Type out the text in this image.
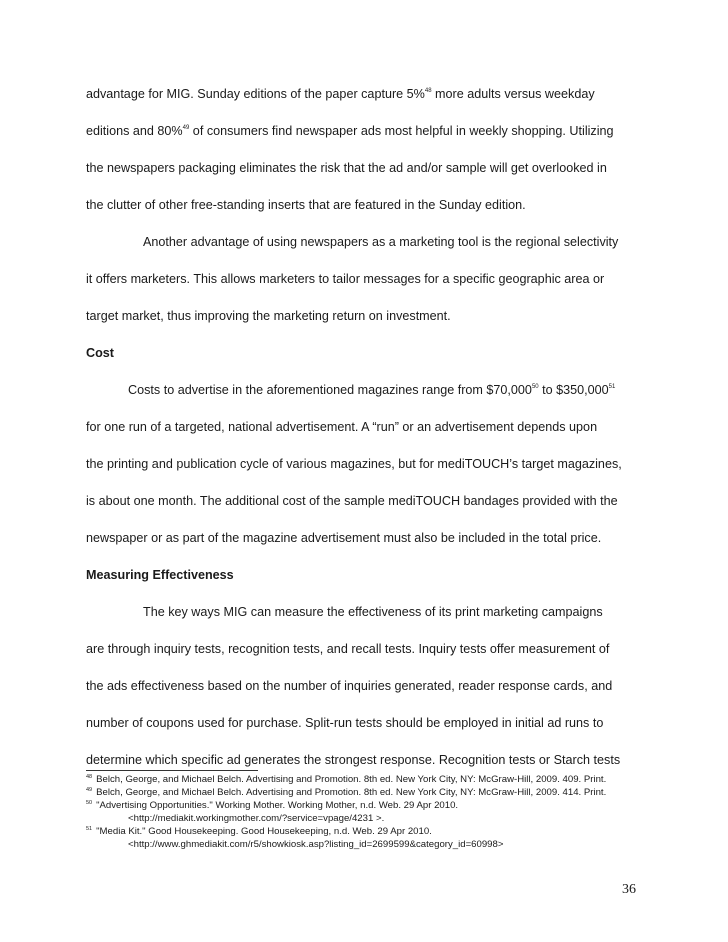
advantage for MIG. Sunday editions of the paper capture 5%$^{48}$ more adults versus weekday
editions and 80%$^{49}$ of consumers find newspaper ads most helpful in weekly shopping. Utilizing
the newspapers packaging eliminates the risk that the ad and/or sample will get overlooked in
the clutter of other free-standing inserts that are featured in the Sunday edition.
Another advantage of using newspapers as a marketing tool is the regional selectivity
it offers marketers. This allows marketers to tailor messages for a specific geographic area or
target market, thus improving the marketing return on investment.
Cost
Costs to advertise in the aforementioned magazines range from $70,000$^{50}$ to $350,000$^{51}$
for one run of a targeted, national advertisement. A “run” or an advertisement depends upon
the printing and publication cycle of various magazines, but for mediTOUCH’s target magazines,
is about one month. The additional cost of the sample mediTOUCH bandages provided with the
newspaper or as part of the magazine advertisement must also be included in the total price.
Measuring Effectiveness
The key ways MIG can measure the effectiveness of its print marketing campaigns
are through inquiry tests, recognition tests, and recall tests. Inquiry tests offer measurement of
the ads effectiveness based on the number of inquiries generated, reader response cards, and
number of coupons used for purchase. Split-run tests should be employed in initial ad runs to
determine which specific ad generates the strongest response. Recognition tests or Starch tests
$^{48}$ Belch, George, and Michael Belch. Advertising and Promotion. 8th ed. New York City, NY: McGraw-Hill, 2009. 409. Print.
$^{49}$ Belch, George, and Michael Belch. Advertising and Promotion. 8th ed. New York City, NY: McGraw-Hill, 2009. 414. Print.
$^{50}$ "Advertising Opportunities." Working Mother. Working Mother, n.d. Web. 29 Apr 2010.
<http://mediakit.workingmother.com/?service=vpage/4231 >.
$^{51}$ "Media Kit." Good Housekeeping. Good Housekeeping, n.d. Web. 29 Apr 2010.
<http://www.ghmediakit.com/r5/showkiosk.asp?listing_id=2699599&category_id=60998>
36
